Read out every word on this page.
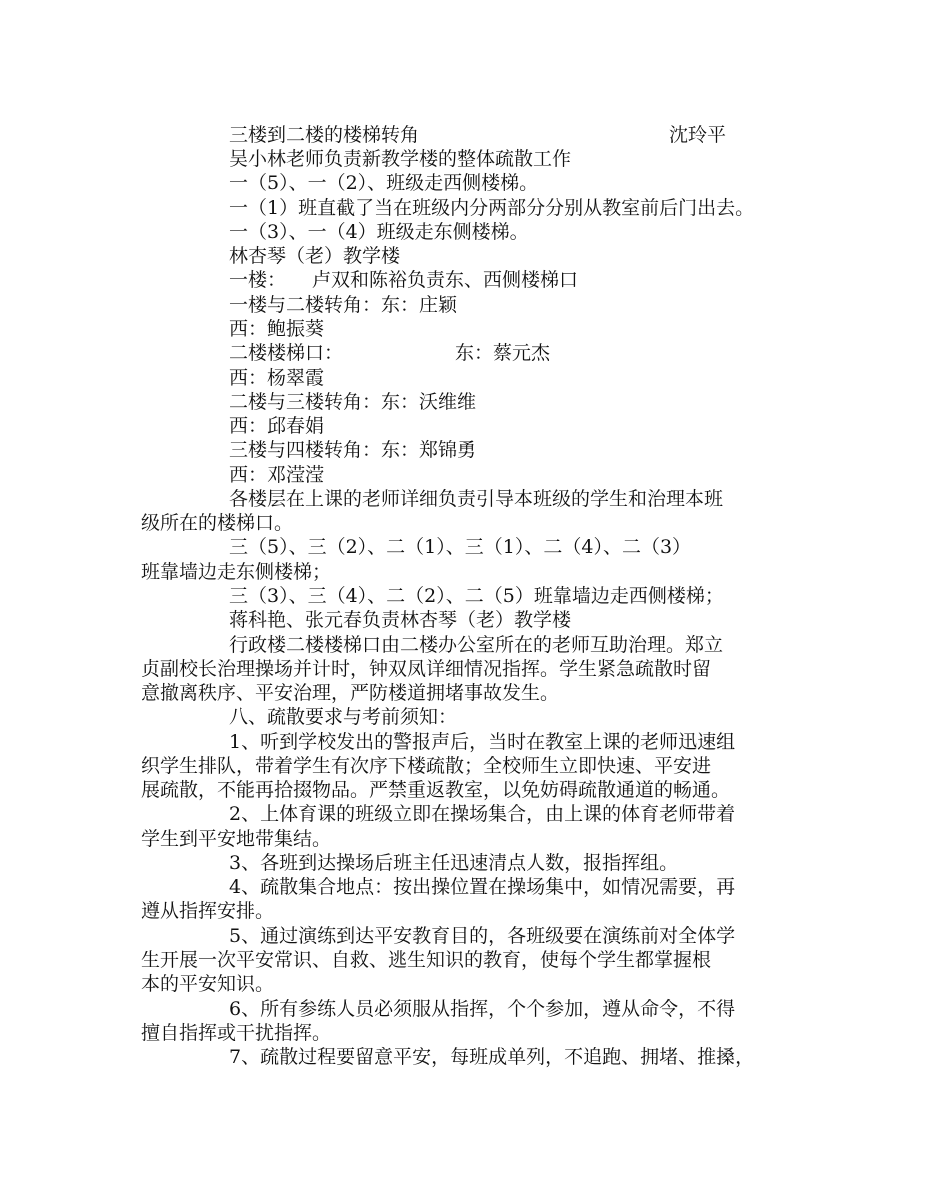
三楼到二楼的楼梯转角	沈玲平
吴小林老师负责新教学楼的整体疏散工作
一（5）、一（2）、班级走西侧楼梯。
一（1）班直截了当在班级内分两部分分别从教室前后门出去。
一（3）、一（4）班级走东侧楼梯。
林杏琴（老）教学楼
一楼： 卢双和陈裕负责东、西侧楼梯口
一楼与二楼转角：东：庄颖
西：鲍振葵
二楼楼梯口：	东：蔡元杰
西：杨翠霞
二楼与三楼转角：东：沃维维
西：邱春娟
三楼与四楼转角：东：郑锦勇
西：邓滢滢
各楼层在上课的老师详细负责引导本班级的学生和治理本班
级所在的楼梯口。
三（5）、三（2）、二（1）、三（1）、二（4）、二（3）
班靠墙边走东侧楼梯；
三（3）、三（4）、二（2）、二（5）班靠墙边走西侧楼梯；
蒋科艳、张元春负责林杏琴（老）教学楼
行政楼二楼楼梯口由二楼办公室所在的老师互助治理。郑立
贞副校长治理操场并计时，钟双凤详细情况指挥。学生紧急疏散时留
意撤离秩序、平安治理，严防楼道拥堵事故发生。
八、疏散要求与考前须知：
1、听到学校发出的警报声后，当时在教室上课的老师迅速组
织学生排队，带着学生有次序下楼疏散；全校师生立即快速、平安进
展疏散，不能再拾掇物品。严禁重返教室，以免妨碍疏散通道的畅通。
2、上体育课的班级立即在操场集合，由上课的体育老师带着
学生到平安地带集结。
3、各班到达操场后班主任迅速清点人数，报指挥组。
4、疏散集合地点：按出操位置在操场集中，如情况需要，再
遵从指挥安排。
5、通过演练到达平安教育目的，各班级要在演练前对全体学
生开展一次平安常识、自救、逃生知识的教育，使每个学生都掌握根
本的平安知识。
6、所有参练人员必须服从指挥，个个参加，遵从命令，不得
擅自指挥或干扰指挥。
7、疏散过程要留意平安，每班成单列，不追跑、拥堵、推搡，
